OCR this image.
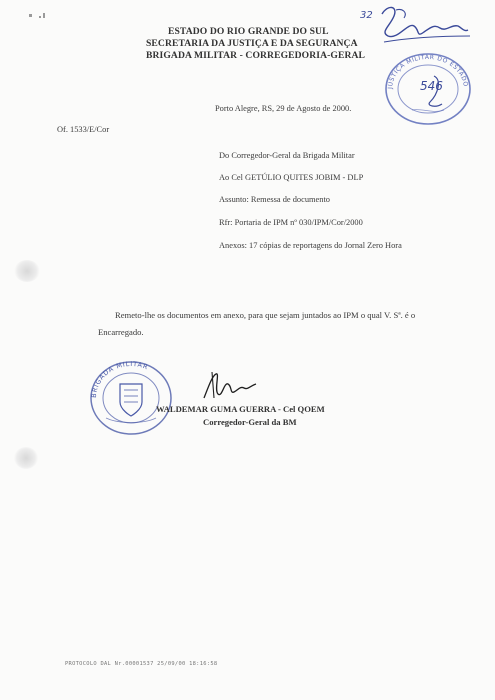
ESTADO DO RIO GRANDE DO SUL
SECRETARIA DA JUSTIÇA E DA SEGURANÇA
BRIGADA MILITAR - CORREGEDORIA-GERAL
32
JUSTIÇA MILITAR DO ESTADO
546
Porto Alegre, RS, 29 de Agosto de 2000.
Of. 1533/E/Cor
Do Corregedor-Geral da Brigada Militar
Ao Cel GETÚLIO QUITES JOBIM - DLP
Assunto: Remessa de documento
Rfr: Portaria de IPM nº 030/IPM/Cor/2000
Anexos: 17 cópias de reportagens do Jornal Zero Hora

Remeto-lhe os documentos em anexo, para que sejam juntados ao IPM o qual V. Sª. é o

Encarregado.
BRIGADA MILITAR
WALDEMAR GUMA GUERRA - Cel QOEM
Corregedor-Geral da BM
PROTOCOLO DAL Nr.00001537 25/09/00 18:16:58
